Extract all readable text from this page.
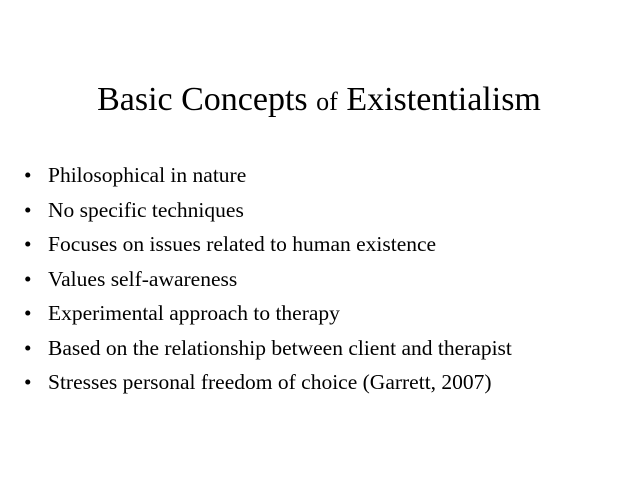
Basic Concepts of Existentialism
• Philosophical in nature
• No specific techniques
• Focuses on issues related to human existence
• Values self-awareness
• Experimental approach to therapy
• Based on the relationship between client and therapist
• Stresses personal freedom of choice (Garrett, 2007)
